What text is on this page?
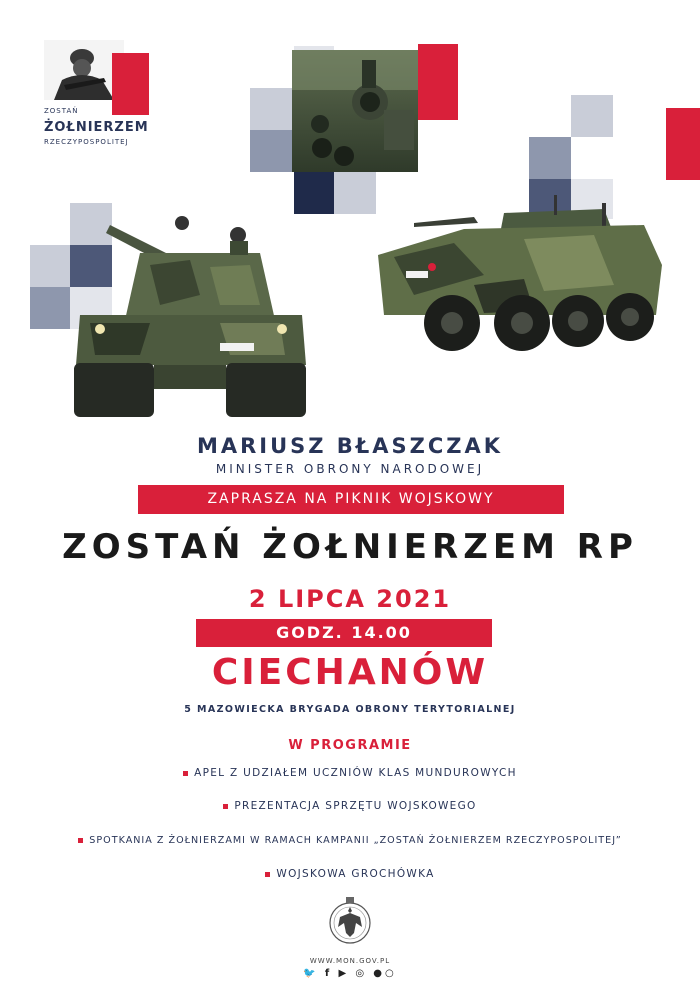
ZOSTAŃ
ŻOŁNIERZEM
RZECZYPOSPOLITEJ
MARIUSZ BŁASZCZAK
MINISTER OBRONY NARODOWEJ
ZAPRASZA NA PIKNIK WOJSKOWY
ZOSTAŃ ŻOŁNIERZEM RP
2 LIPCA 2021
GODZ. 14.00
CIECHANÓW
5 MAZOWIECKA BRYGADA OBRONY TERYTORIALNEJ
W PROGRAMIE
APEL Z UDZIAŁEM UCZNIÓW KLAS MUNDUROWYCH
PREZENTACJA SPRZĘTU WOJSKOWEGO
SPOTKANIA Z ŻOŁNIERZAMI W RAMACH KAMPANII „ZOSTAŃ ŻOŁNIERZEM RZECZYPOSPOLITEJ”
WOJSKOWA GROCHÓWKA
WWW.MON.GOV.PL
🐦 f ▶ ◎ ●○
